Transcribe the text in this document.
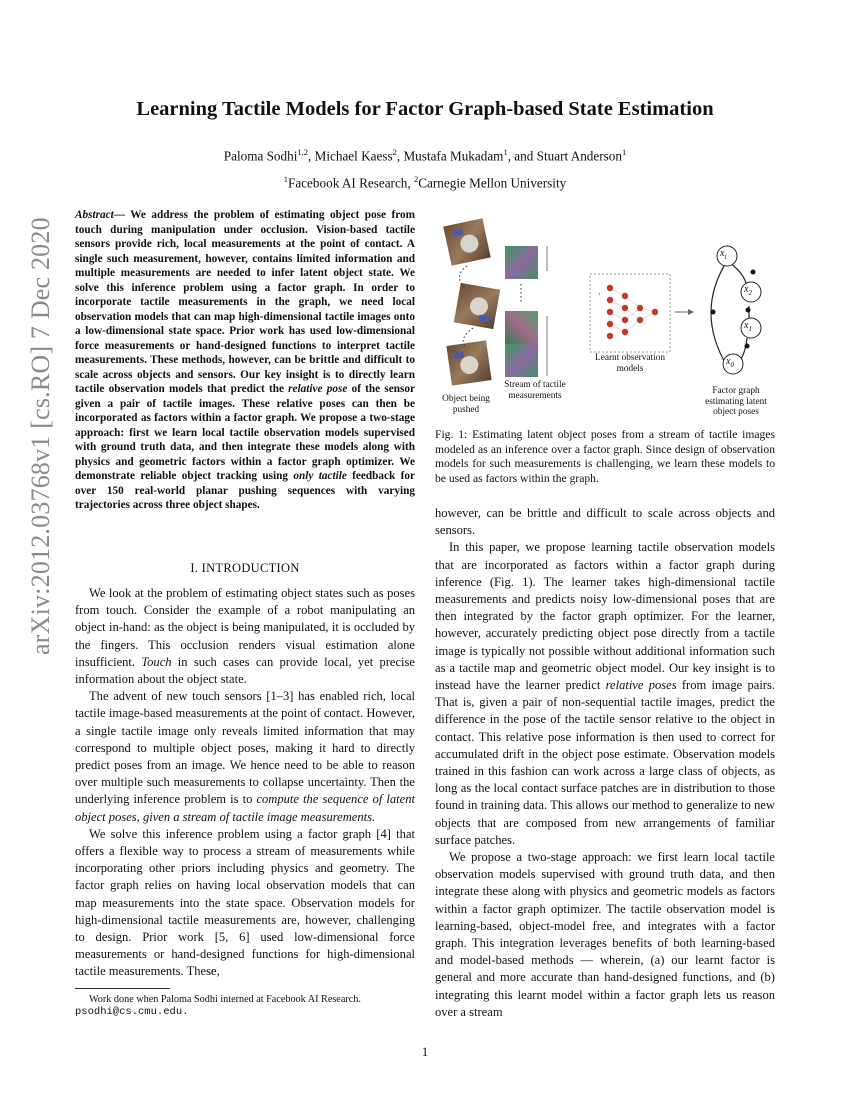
Learning Tactile Models for Factor Graph-based State Estimation
Paloma Sodhi$^{1,2}$, Michael Kaess$^2$, Mustafa Mukadam$^1$, and Stuart Anderson$^1$
$^1$Facebook AI Research, $^2$Carnegie Mellon University
arXiv:2012.03768v1 [cs.RO] 7 Dec 2020
Abstract— We address the problem of estimating object pose from touch during manipulation under occlusion. Vision-based tactile sensors provide rich, local measurements at the point of contact. A single such measurement, however, contains limited information and multiple measurements are needed to infer latent object state. We solve this inference problem using a factor graph. In order to incorporate tactile measurements in the graph, we need local observation models that can map high-dimensional tactile images onto a low-dimensional state space. Prior work has used low-dimensional force measurements or hand-designed functions to interpret tactile measurements. These methods, however, can be brittle and difficult to scale across objects and sensors. Our key insight is to directly learn tactile observation models that predict the relative pose of the sensor given a pair of tactile images. These relative poses can then be incorporated as factors within a factor graph. We propose a two-stage approach: first we learn local tactile observation models supervised with ground truth data, and then integrate these models along with physics and geometric factors within a factor graph optimizer. We demonstrate reliable object tracking using only tactile feedback for over 150 real-world planar pushing sequences with varying trajectories across three object shapes.
I. INTRODUCTION

We look at the problem of estimating object states such as poses from touch. Consider the example of a robot manipulating an object in-hand: as the object is being manipulated, it is occluded by the fingers. This occlusion renders visual estimation alone insufficient. Touch in such cases can provide local, yet precise information about the object state.

The advent of new touch sensors [1–3] has enabled rich, local tactile image-based measurements at the point of contact. However, a single tactile image only reveals limited information that may correspond to multiple object poses, making it hard to directly predict poses from an image. We hence need to be able to reason over multiple such measurements to collapse uncertainty. Then the underlying inference problem is to compute the sequence of latent object poses, given a stream of tactile image measurements.

We solve this inference problem using a factor graph [4] that offers a flexible way to process a stream of measurements while incorporating other priors including physics and geometry. The factor graph relies on having local observation models that can map measurements into the state space. Observation models for high-dimensional tactile measurements are, however, challenging to design. Prior work [5, 6] used low-dimensional force measurements or hand-designed functions for high-dimensional tactile measurements. These,

Work done when Paloma Sodhi interned at Facebook AI Research.
psodhi@cs.cmu.edu.
›
$x_t$
$x_2$
$x_1$
$x_0$
Object being pushed
Stream of tactile measurements
Learnt observation models
Factor graph estimating latent object poses
Fig. 1: Estimating latent object poses from a stream of tactile images modeled as an inference over a factor graph. Since design of observation models for such measurements is challenging, we learn these models to be used as factors within the graph.

however, can be brittle and difficult to scale across objects and sensors.

In this paper, we propose learning tactile observation models that are incorporated as factors within a factor graph during inference (Fig. 1). The learner takes high-dimensional tactile measurements and predicts noisy low-dimensional poses that are then integrated by the factor graph optimizer. For the learner, however, accurately predicting object pose directly from a tactile image is typically not possible without additional information such as a tactile map and geometric object model. Our key insight is to instead have the learner predict relative poses from image pairs. That is, given a pair of non-sequential tactile images, predict the difference in the pose of the tactile sensor relative to the object in contact. This relative pose information is then used to correct for accumulated drift in the object pose estimate. Observation models trained in this fashion can work across a large class of objects, as long as the local contact surface patches are in distribution to those found in training data. This allows our method to generalize to new objects that are composed from new arrangements of familiar surface patches.

We propose a two-stage approach: we first learn local tactile observation models supervised with ground truth data, and then integrate these along with physics and geometric models as factors within a factor graph optimizer. The tactile observation model is learning-based, object-model free, and integrates with a factor graph. This integration leverages benefits of both learning-based and model-based methods — wherein, (a) our learnt factor is general and more accurate than hand-designed functions, and (b) integrating this learnt model within a factor graph lets us reason over a stream

1
